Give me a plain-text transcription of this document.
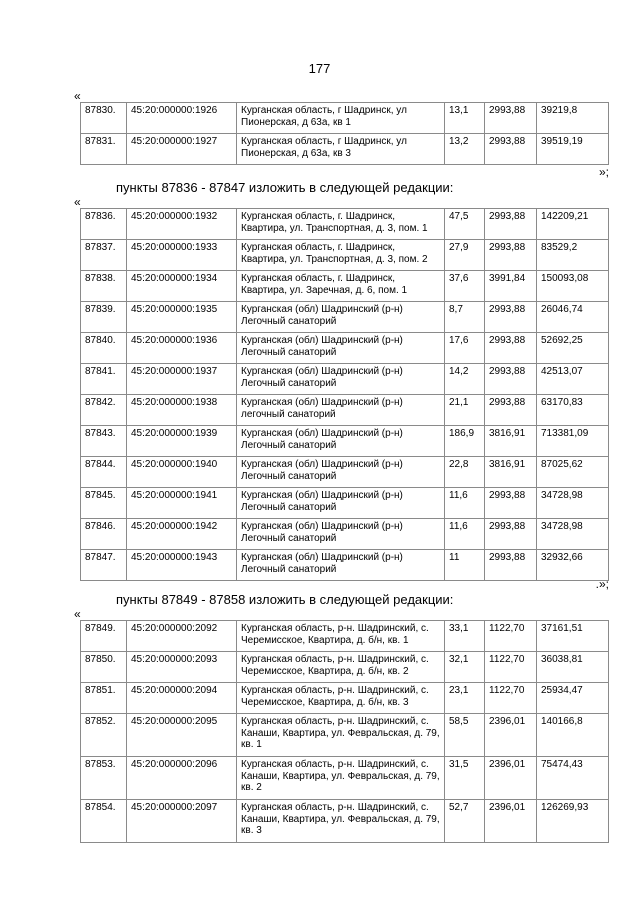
177
«
87830.	45:20:000000:1926	Курганская область, г Шадринск, ул Пионерская, д 63а, кв 1	13,1	2993,88	39219,8
87831.	45:20:000000:1927	Курганская область, г Шадринск, ул Пионерская, д 63а, кв 3	13,2	2993,88	39519,19
»;
пункты 87836 - 87847 изложить в следующей редакции:
«
87836.	45:20:000000:1932	Курганская область, г. Шадринск, Квартира, ул. Транспортная, д. 3, пом. 1	47,5	2993,88	142209,21
87837.	45:20:000000:1933	Курганская область, г. Шадринск, Квартира, ул. Транспортная, д. 3, пом. 2	27,9	2993,88	83529,2
87838.	45:20:000000:1934	Курганская область, г. Шадринск, Квартира, ул. Заречная, д. 6, пом. 1	37,6	3991,84	150093,08
87839.	45:20:000000:1935	Курганская (обл) Шадринский (р-н) Легочный санаторий	8,7	2993,88	26046,74
87840.	45:20:000000:1936	Курганская (обл) Шадринский (р-н) Легочный санаторий	17,6	2993,88	52692,25
87841.	45:20:000000:1937	Курганская (обл) Шадринский (р-н) Легочный санаторий	14,2	2993,88	42513,07
87842.	45:20:000000:1938	Курганская (обл) Шадринский (р-н) легочный санаторий	21,1	2993,88	63170,83
87843.	45:20:000000:1939	Курганская (обл) Шадринский (р-н) Легочный санаторий	186,9	3816,91	713381,09
87844.	45:20:000000:1940	Курганская (обл) Шадринский (р-н) Легочный санаторий	22,8	3816,91	87025,62
87845.	45:20:000000:1941	Курганская (обл) Шадринский (р-н) Легочный санаторий	11,6	2993,88	34728,98
87846.	45:20:000000:1942	Курганская (обл) Шадринский (р-н) Легочный санаторий	11,6	2993,88	34728,98
87847.	45:20:000000:1943	Курганская (обл) Шадринский (р-н) Легочный санаторий	11	2993,88	32932,66
.»;
пункты 87849 - 87858 изложить в следующей редакции:
«
87849.	45:20:000000:2092	Курганская область, р-н. Шадринский, с. Черемисское, Квартира, д. б/н, кв. 1	33,1	1122,70	37161,51
87850.	45:20:000000:2093	Курганская область, р-н. Шадринский, с. Черемисское, Квартира, д. б/н, кв. 2	32,1	1122,70	36038,81
87851.	45:20:000000:2094	Курганская область, р-н. Шадринский, с. Черемисское, Квартира, д. б/н, кв. 3	23,1	1122,70	25934,47
87852.	45:20:000000:2095	Курганская область, р-н. Шадринский, с. Канаши, Квартира, ул. Февральская, д. 79, кв. 1	58,5	2396,01	140166,8
87853.	45:20:000000:2096	Курганская область, р-н. Шадринский, с. Канаши, Квартира, ул. Февральская, д. 79, кв. 2	31,5	2396,01	75474,43
87854.	45:20:000000:2097	Курганская область, р-н. Шадринский, с. Канаши, Квартира, ул. Февральская, д. 79, кв. 3	52,7	2396,01	126269,93
